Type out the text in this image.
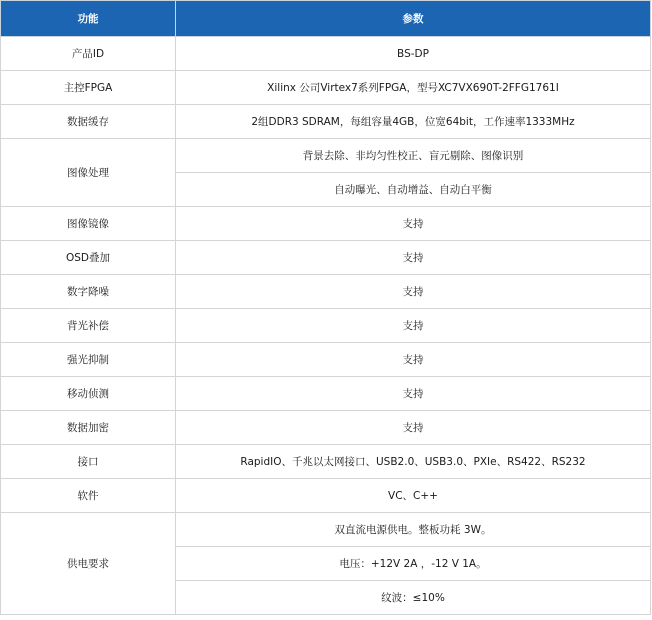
功能	参数
产品ID	BS-DP
主控FPGA	Xilinx 公司Virtex7系列FPGA，型号XC7VX690T-2FFG1761I
数据缓存	2组DDR3 SDRAM，每组容量4GB，位宽64bit，工作速率1333MHz
图像处理	背景去除、非均匀性校正、盲元剔除、图像识别
	自动曝光、自动增益、自动白平衡
图像镜像	支持
OSD叠加	支持
数字降噪	支持
背光补偿	支持
强光抑制	支持
移动侦测	支持
数据加密	支持
接口	RapidIO、千兆以太网接口、USB2.0、USB3.0、PXIe、RS422、RS232
软件	VC、C++
供电要求	双直流电源供电。整板功耗 3W。
	电压：+12V 2A ，-12 V 1A。
	纹波：≤10%
